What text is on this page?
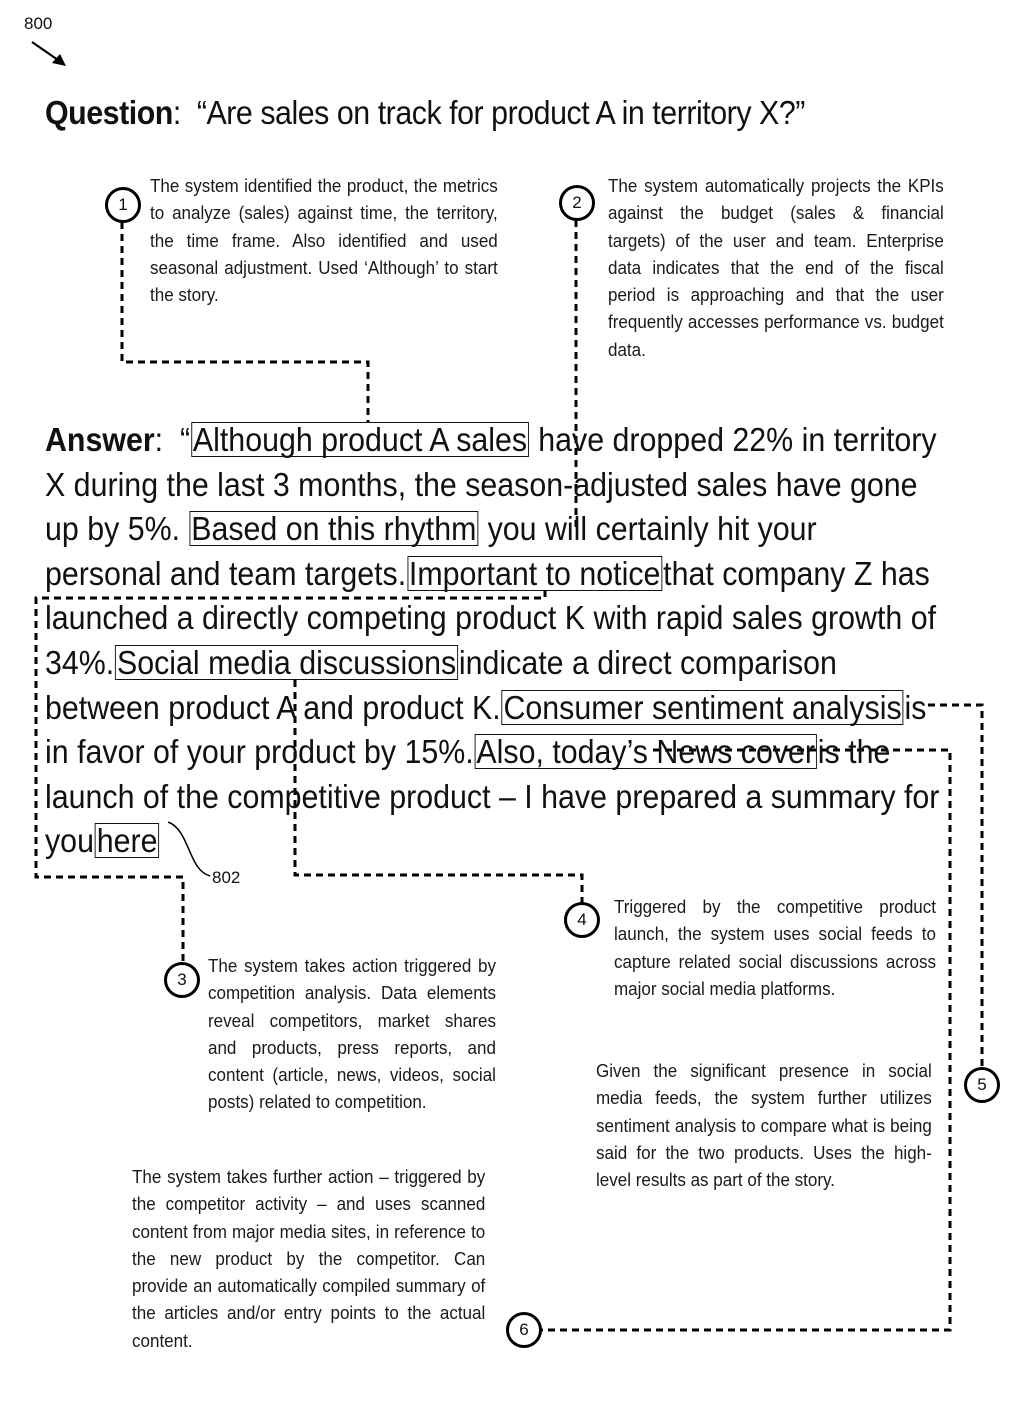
800
Question:  “Are sales on track for product A in territory X?”
Answer:  “Although product A sales have dropped 22% in territory
X during the last 3 months, the season-adjusted sales have gone
up by 5%. Based on this rhythm you will certainly hit your
personal and team targets.Important to noticethat company Z has
launched a directly competing product K with rapid sales growth of
34%.Social media discussionsindicate a direct comparison
between product A and product K.Consumer sentiment analysisis
in favor of your product by 15%.Also, today’s News coveris the
launch of the competitive product – I have prepared a summary for
youhere
802
1	2
3
4
5
6
The system identified the product, the metrics to analyze (sales) against time, the territory, the time frame. Also identified and used seasonal adjustment. Used ‘Although’ to start the story.
The system automatically projects the KPIs against the budget (sales & financial targets) of the user and team. Enterprise data indicates that the end of the fiscal period is approaching and that the user frequently accesses performance vs. budget data.
The system takes action triggered by competition analysis. Data elements reveal competitors, market shares and products, press reports, and content (article, news, videos, social posts) related to competition.
Triggered by the competitive product launch, the system uses social feeds to capture related social discussions across major social media platforms.
Given the significant presence in social media feeds, the system further utilizes sentiment analysis to compare what is being said for the two products. Uses the high-level results as part of the story.
The system takes further action – triggered by the competitor activity – and uses scanned content from major media sites, in reference to the new product by the competitor. Can provide an automatically compiled summary of the articles and/or entry points to the actual content.
